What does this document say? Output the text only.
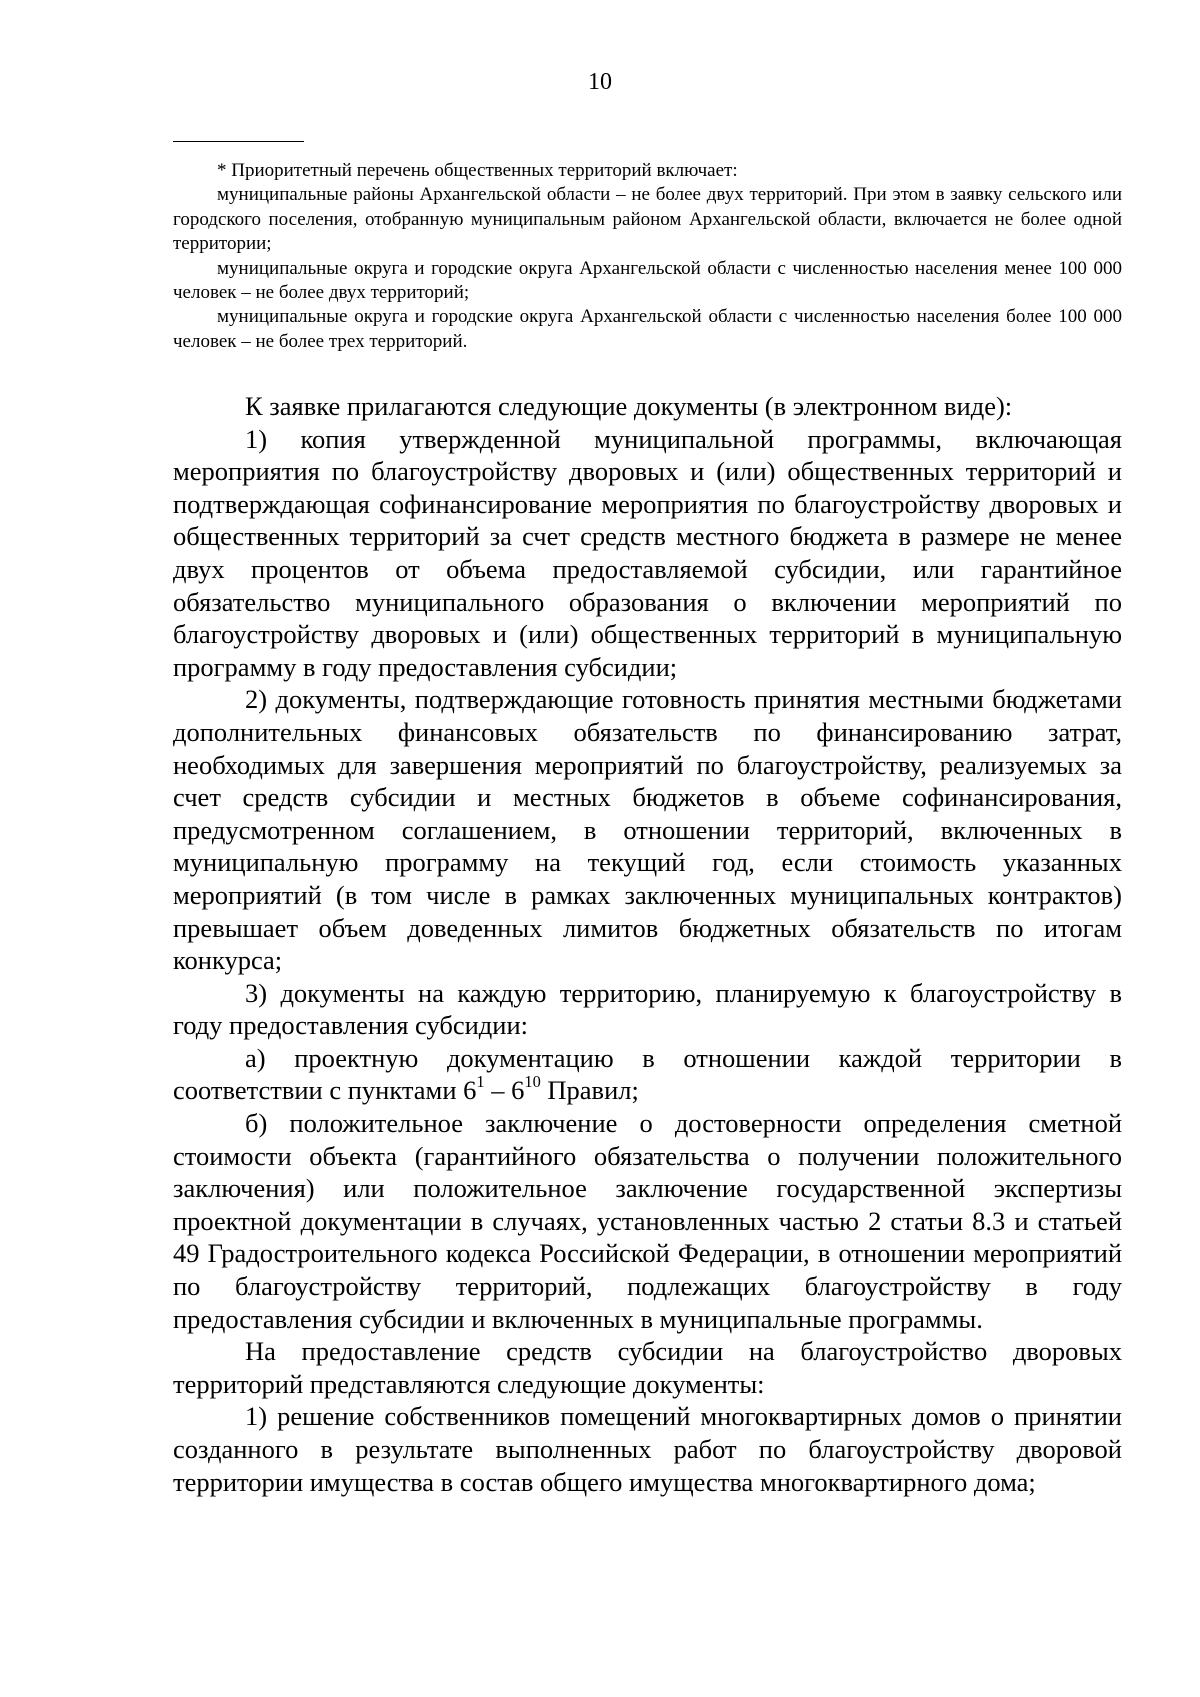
10

* Приоритетный перечень общественных территорий включает:

муниципальные районы Архангельской области – не более двух территорий. При этом в заявку сельского или городского поселения, отобранную муниципальным районом Архангельской области, включается не более одной территории;

муниципальные округа и городские округа Архангельской области с численностью населения менее 100 000 человек – не более двух территорий;

муниципальные округа и городские округа Архангельской области с численностью населения более 100 000 человек – не более трех территорий.

К заявке прилагаются следующие документы (в электронном виде):

1) копия утвержденной муниципальной программы, включающая мероприятия по благоустройству дворовых и (или) общественных территорий и подтверждающая софинансирование мероприятия по благоустройству дворовых и общественных территорий за счет средств местного бюджета в размере не менее двух процентов от объема предоставляемой субсидии, или гарантийное обязательство муниципального образования о включении мероприятий по благоустройству дворовых и (или) общественных территорий в муниципальную программу в году предоставления субсидии;

2) документы, подтверждающие готовность принятия местными бюджетами дополнительных финансовых обязательств по финансированию затрат, необходимых для завершения мероприятий по благоустройству, реализуемых за счет средств субсидии и местных бюджетов в объеме софинансирования, предусмотренном соглашением, в отношении территорий, включенных в муниципальную программу на текущий год, если стоимость указанных мероприятий (в том числе в рамках заключенных муниципальных контрактов) превышает объем доведенных лимитов бюджетных обязательств по итогам конкурса;

3) документы на каждую территорию, планируемую к благоустройству в году предоставления субсидии:

а) проектную документацию в отношении каждой территории в соответствии с пунктами $6^1 - 6^{10}$ Правил;

б) положительное заключение о достоверности определения сметной стоимости объекта (гарантийного обязательства о получении положительного заключения) или положительное заключение государственной экспертизы проектной документации в случаях, установленных частью 2 статьи 8.3 и статьей 49 Градостроительного кодекса Российской Федерации, в отношении мероприятий по благоустройству территорий, подлежащих благоустройству в году предоставления субсидии и включенных в муниципальные программы.

На предоставление средств субсидии на благоустройство дворовых территорий представляются следующие документы:

1) решение собственников помещений многоквартирных домов о принятии созданного в результате выполненных работ по благоустройству дворовой территории имущества в состав общего имущества многоквартирного дома;
